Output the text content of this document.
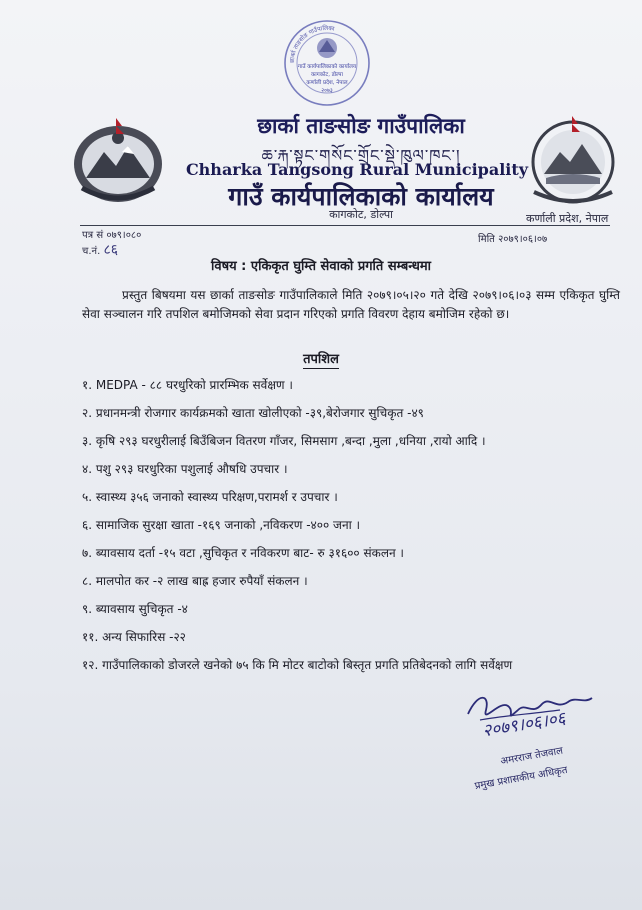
छार्का ताङसोङ गाउँपालिका
गाउँ कार्यपालिकाको कार्यालय
कागकोट, डोल्पा
कर्णाली प्रदेश, नेपाल
२०७३
छार्का ताङसोङ गाउँपालिका
ཆ་རྐ་སྟང་གསོང་གྲོང་སྡེ་ཁུལ་ཁང་།
Chharka Tangsong Rural Municipality
गाउँ कार्यपालिकाको कार्यालय
कागकोट, डोल्पा	कर्णाली प्रदेश, नेपाल
पत्र सं ०७९।०८०
च.नं. ८६
मिति २०७९।०६।०७
विषय : एकिकृत घुम्ति सेवाको प्रगति सम्बन्धमा

प्रस्तुत बिषयमा यस छार्का ताङसोङ गाउँपालिकाले मिति २०७९।०५।२० गते देखि २०७९।०६।०३ सम्म एकिकृत घुम्ति सेवा सञ्चालन गरि तपशिल बमोजिमको सेवा प्रदान गरिएको प्रगति विवरण देहाय बमोजिम रहेको छ।

तपशिल
१. MEDPA - ८८ घरधुरिको प्रारम्भिक सर्वेक्षण ।
२. प्रधानमन्त्री रोजगार कार्यक्रमको खाता खोलीएको -३९,बेरोजगार सुचिकृत -४९
३. कृषि २९३ घरधुरीलाई बिउँबिजन वितरण गाँजर, सिमसाग ,बन्दा ,मुला ,धनिया ,रायो आदि ।
४. पशु २९३ घरधुरिका पशुलाई औषधि उपचार ।
५. स्वास्थ्य ३५६ जनाको स्वास्थ्य परिक्षण,परामर्श र उपचार ।
६. सामाजिक सुरक्षा खाता -१६९ जनाको ,नविकरण -४०० जना ।
७. ब्यावसाय दर्ता -१५ वटा ,सुचिकृत र नविकरण बाट- रु ३१६०० संकलन ।
८. मालपोत कर -२ लाख बाह्र हजार रुपैयाँ संकलन ।
९. ब्यावसाय सुचिकृत -४
११. अन्य सिफारिस -२२
१२. गाउँपालिकाको डोजरले खनेको ७५ कि मि मोटर बाटोको बिस्तृत प्रगति प्रतिबेदनको लागि सर्वेक्षण
२०७९।०६।०६
अमरराज तेजवाल
प्रमुख प्रशासकीय अधिकृत
